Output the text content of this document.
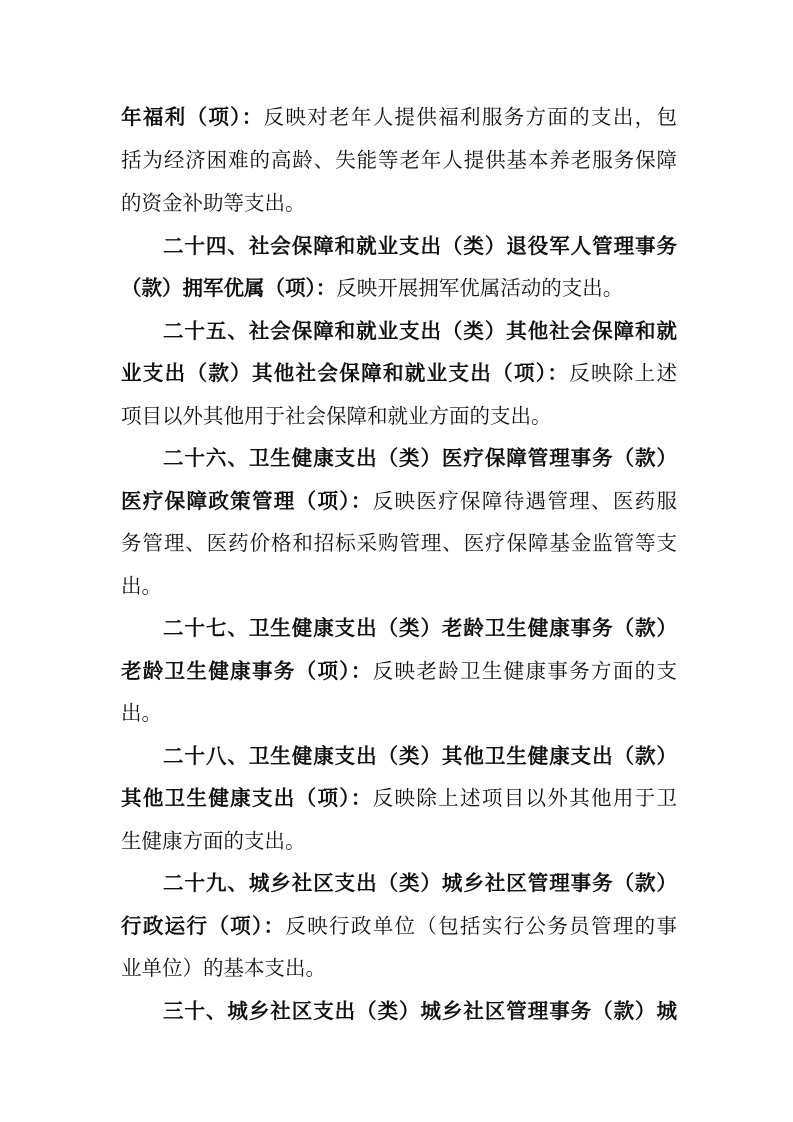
年福利（项）：反映对老年人提供福利服务方面的支出，包
括为经济困难的高龄、失能等老年人提供基本养老服务保障
的资金补助等支出。
二十四、社会保障和就业支出（类）退役军人管理事务
（款）拥军优属（项）：反映开展拥军优属活动的支出。
二十五、社会保障和就业支出（类）其他社会保障和就
业支出（款）其他社会保障和就业支出（项）：反映除上述
项目以外其他用于社会保障和就业方面的支出。
二十六、卫生健康支出（类）医疗保障管理事务（款）
医疗保障政策管理（项）：反映医疗保障待遇管理、医药服
务管理、医药价格和招标采购管理、医疗保障基金监管等支
出。
二十七、卫生健康支出（类）老龄卫生健康事务（款）
老龄卫生健康事务（项）：反映老龄卫生健康事务方面的支
出。
二十八、卫生健康支出（类）其他卫生健康支出（款）
其他卫生健康支出（项）：反映除上述项目以外其他用于卫
生健康方面的支出。
二十九、城乡社区支出（类）城乡社区管理事务（款）
行政运行（项）：反映行政单位（包括实行公务员管理的事
业单位）的基本支出。
三十、城乡社区支出（类）城乡社区管理事务（款）城
